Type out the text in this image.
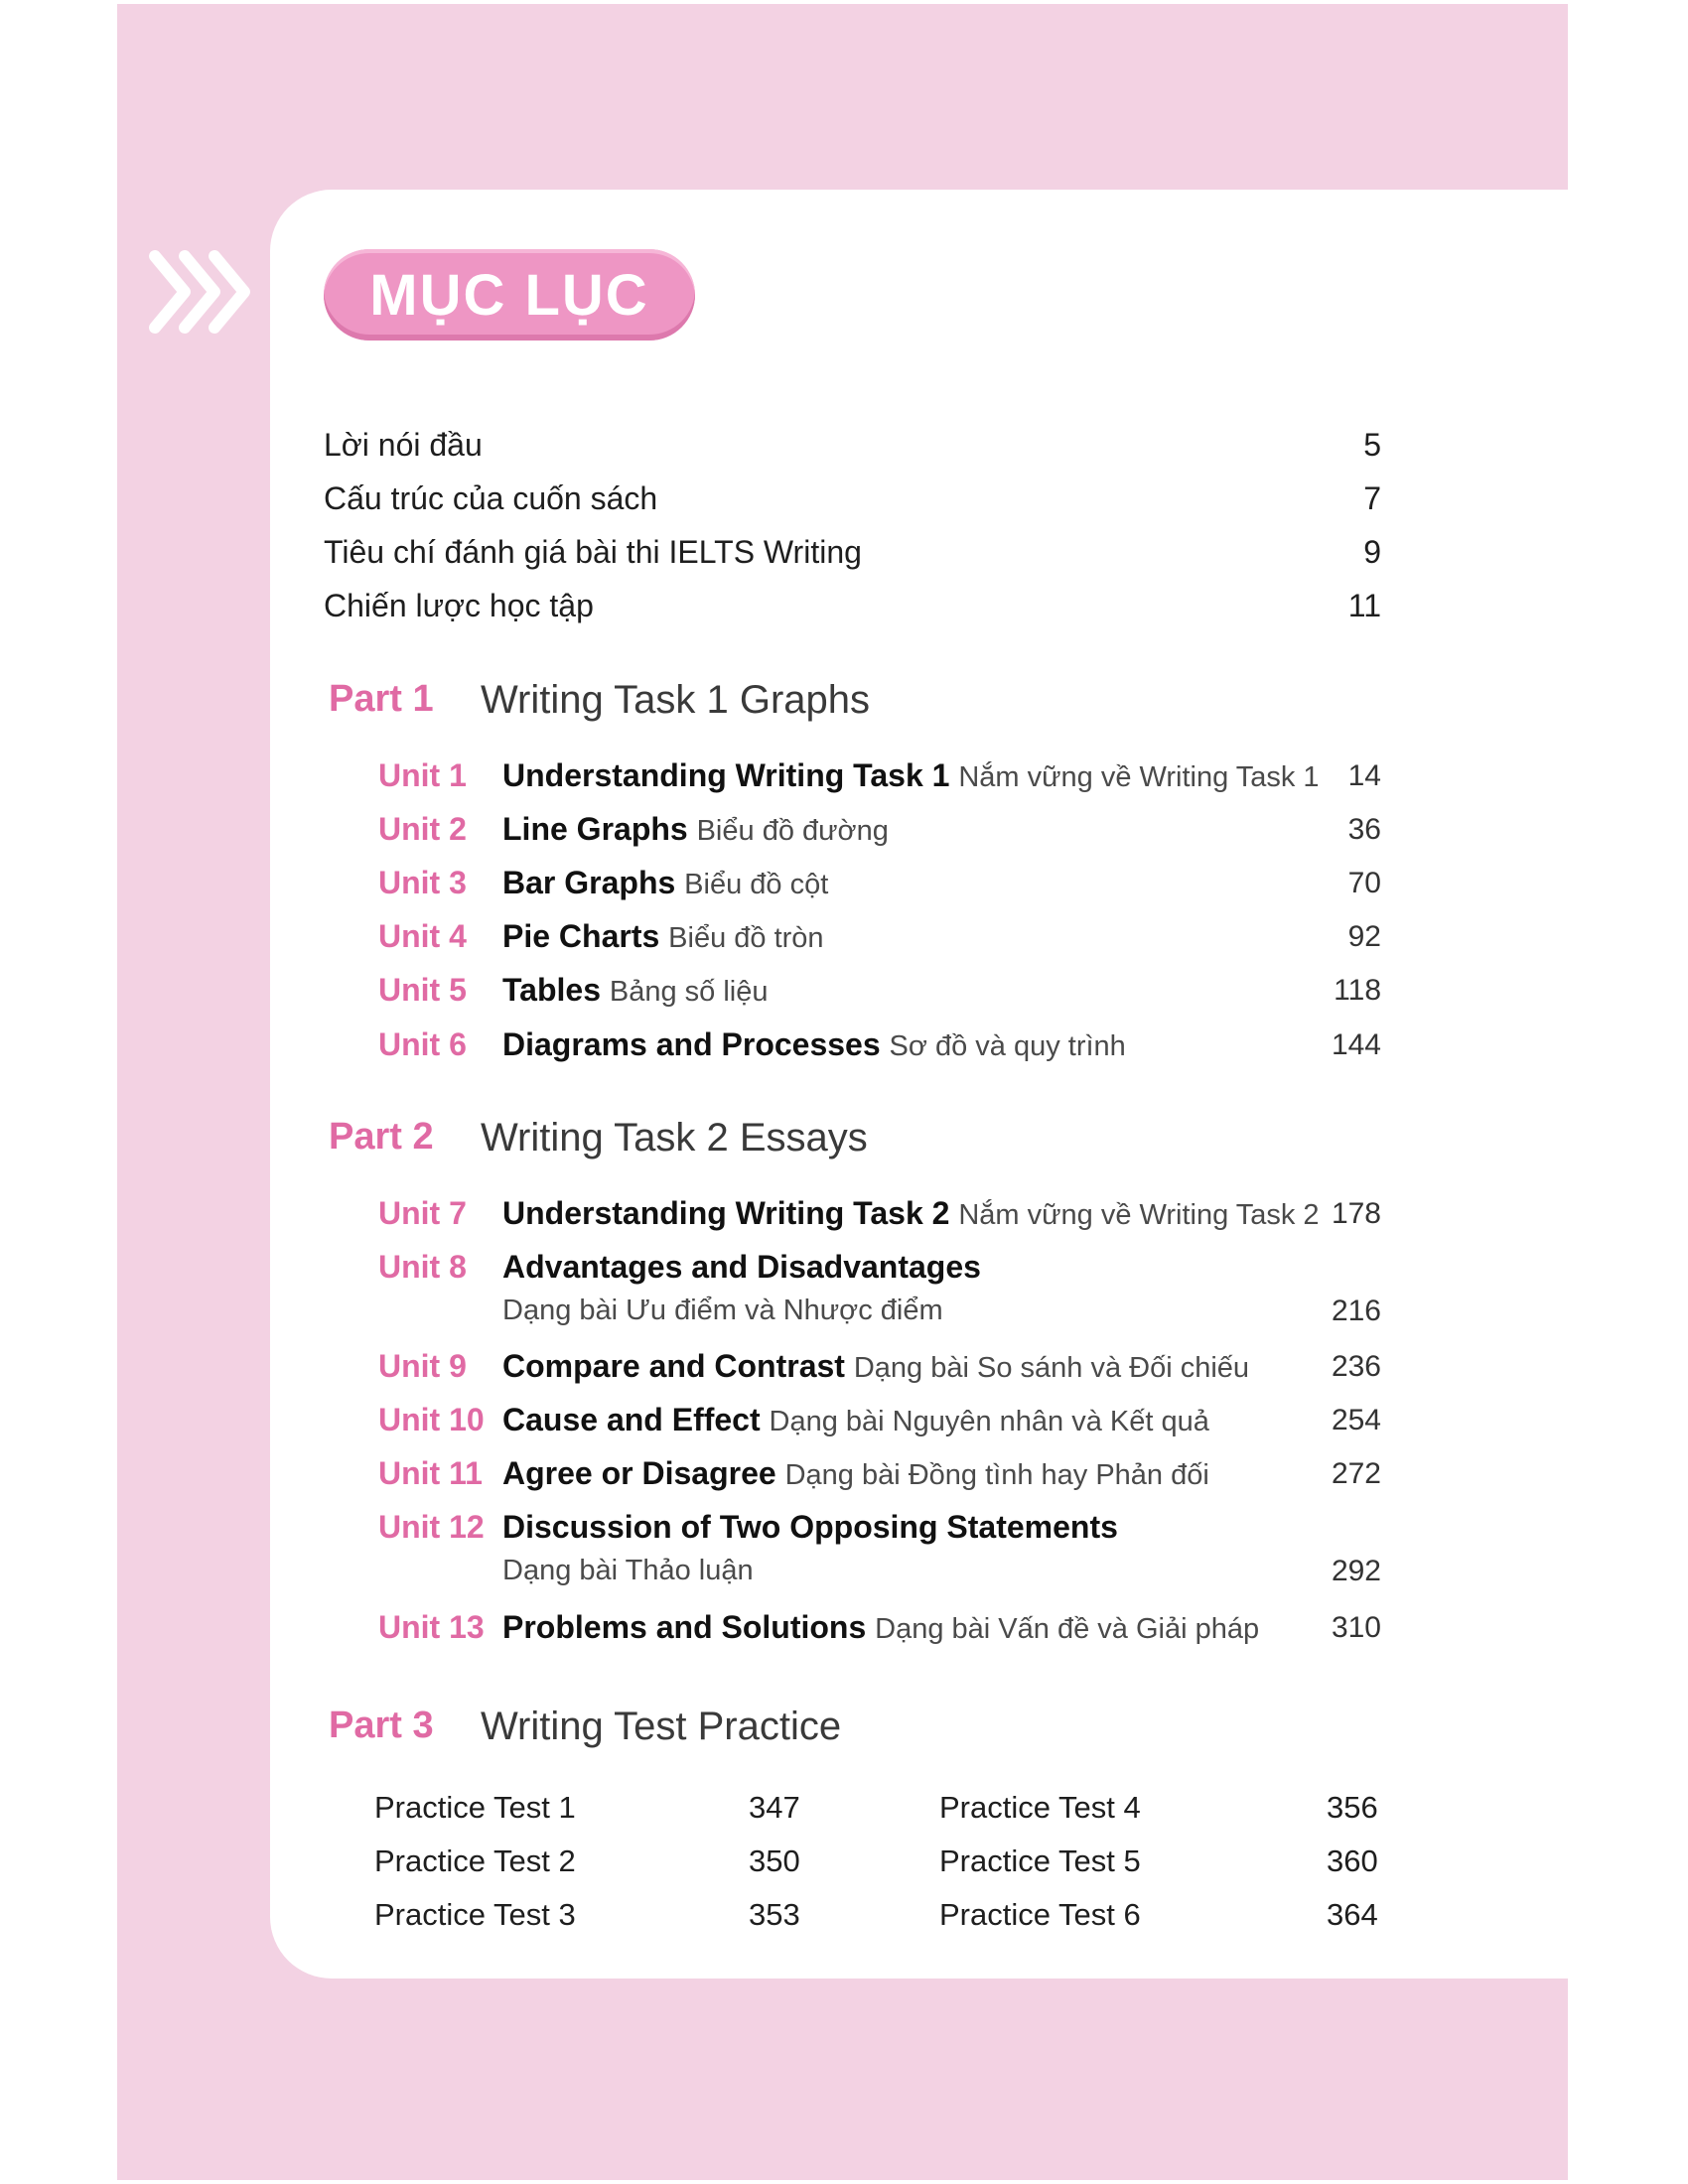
MỤC LỤC
Lời nói đầu	5
Cấu trúc của cuốn sách	7
Tiêu chí đánh giá bài thi IELTS Writing	9
Chiến lược học tập	11
Part 1 Writing Task 1 Graphs
Unit 1 Understanding Writing Task 1 Nắm vững về Writing Task 1 14
Unit 2 Line Graphs Biểu đồ đường	36
Unit 3 Bar Graphs Biểu đồ cột	70
Unit 4 Pie Charts Biểu đồ tròn	92
Unit 5 Tables Bảng số liệu	118
Unit 6 Diagrams and Processes Sơ đồ và quy trình	144
Part 2 Writing Task 2 Essays
Unit 7 Understanding Writing Task 2 Nắm vững về Writing Task 2 178
Unit 8 Advantages and Disadvantages
Dạng bài Ưu điểm và Nhược điểm	216
Unit 9 Compare and Contrast Dạng bài So sánh và Đối chiếu	236
Unit 10 Cause and Effect Dạng bài Nguyên nhân và Kết quả	254
Unit 11 Agree or Disagree Dạng bài Đồng tình hay Phản đối	272
Unit 12 Discussion of Two Opposing Statements
Dạng bài Thảo luận	292
Unit 13 Problems and Solutions Dạng bài Vấn đề và Giải pháp 310
Part 3 Writing Test Practice
Practice Test 1	347
Practice Test 2	350
Practice Test 3	353
Practice Test 4	356
Practice Test 5	360
Practice Test 6	364
